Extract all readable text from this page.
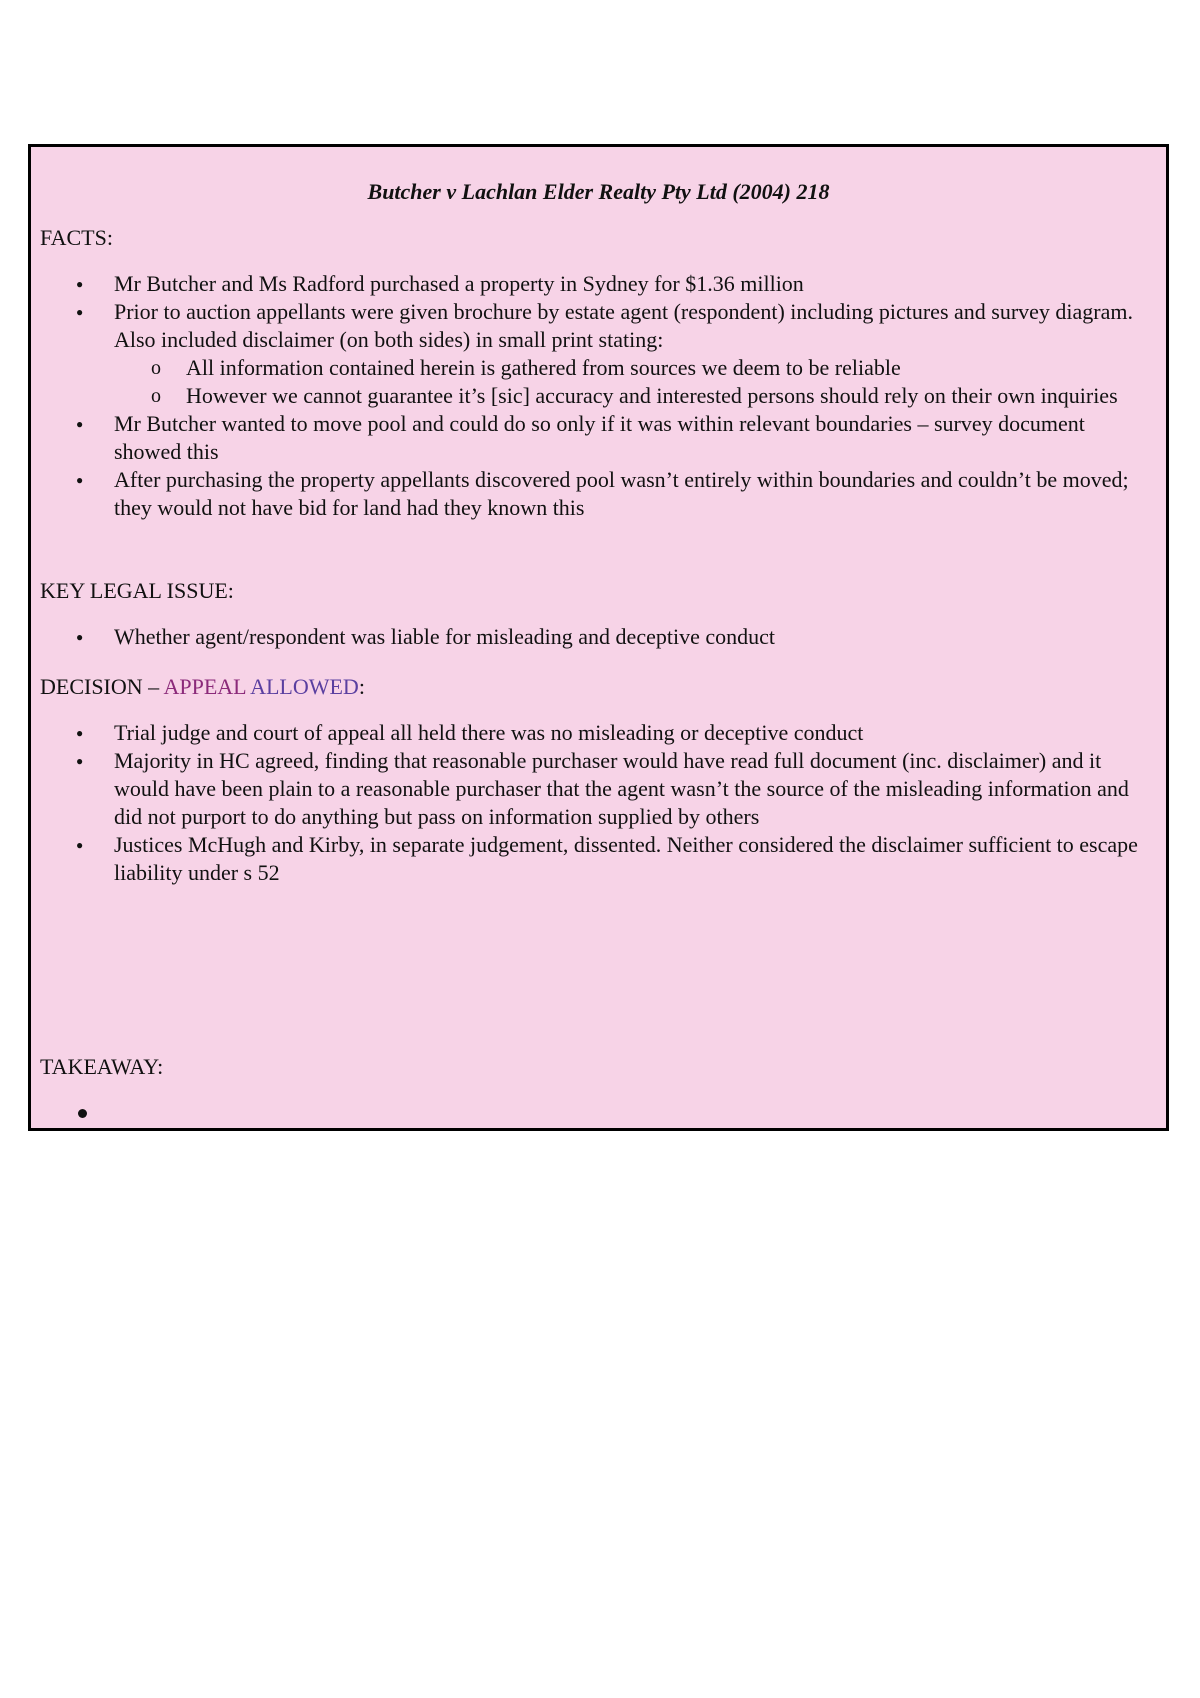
Butcher v Lachlan Elder Realty Pty Ltd (2004) 218
FACTS:
● Mr Butcher and Ms Radford purchased a property in Sydney for $1.36 million
● Prior to auction appellants were given brochure by estate agent (respondent) including pictures and survey diagram. Also included disclaimer (on both sides) in small print stating:
o All information contained herein is gathered from sources we deem to be reliable
o However we cannot guarantee it’s [sic] accuracy and interested persons should rely on their own inquiries
● Mr Butcher wanted to move pool and could do so only if it was within relevant boundaries – survey document showed this
● After purchasing the property appellants discovered pool wasn’t entirely within boundaries and couldn’t be moved; they would not have bid for land had they known this
KEY LEGAL ISSUE:
● Whether agent/respondent was liable for misleading and deceptive conduct
DECISION – APPEAL ALLOWED:
● Trial judge and court of appeal all held there was no misleading or deceptive conduct
● Majority in HC agreed, finding that reasonable purchaser would have read full document (inc. disclaimer) and it would have been plain to a reasonable purchaser that the agent wasn’t the source of the misleading information and did not purport to do anything but pass on information supplied by others
● Justices McHugh and Kirby, in separate judgement, dissented. Neither considered the disclaimer sufficient to escape liability under s 52
TAKEAWAY:
